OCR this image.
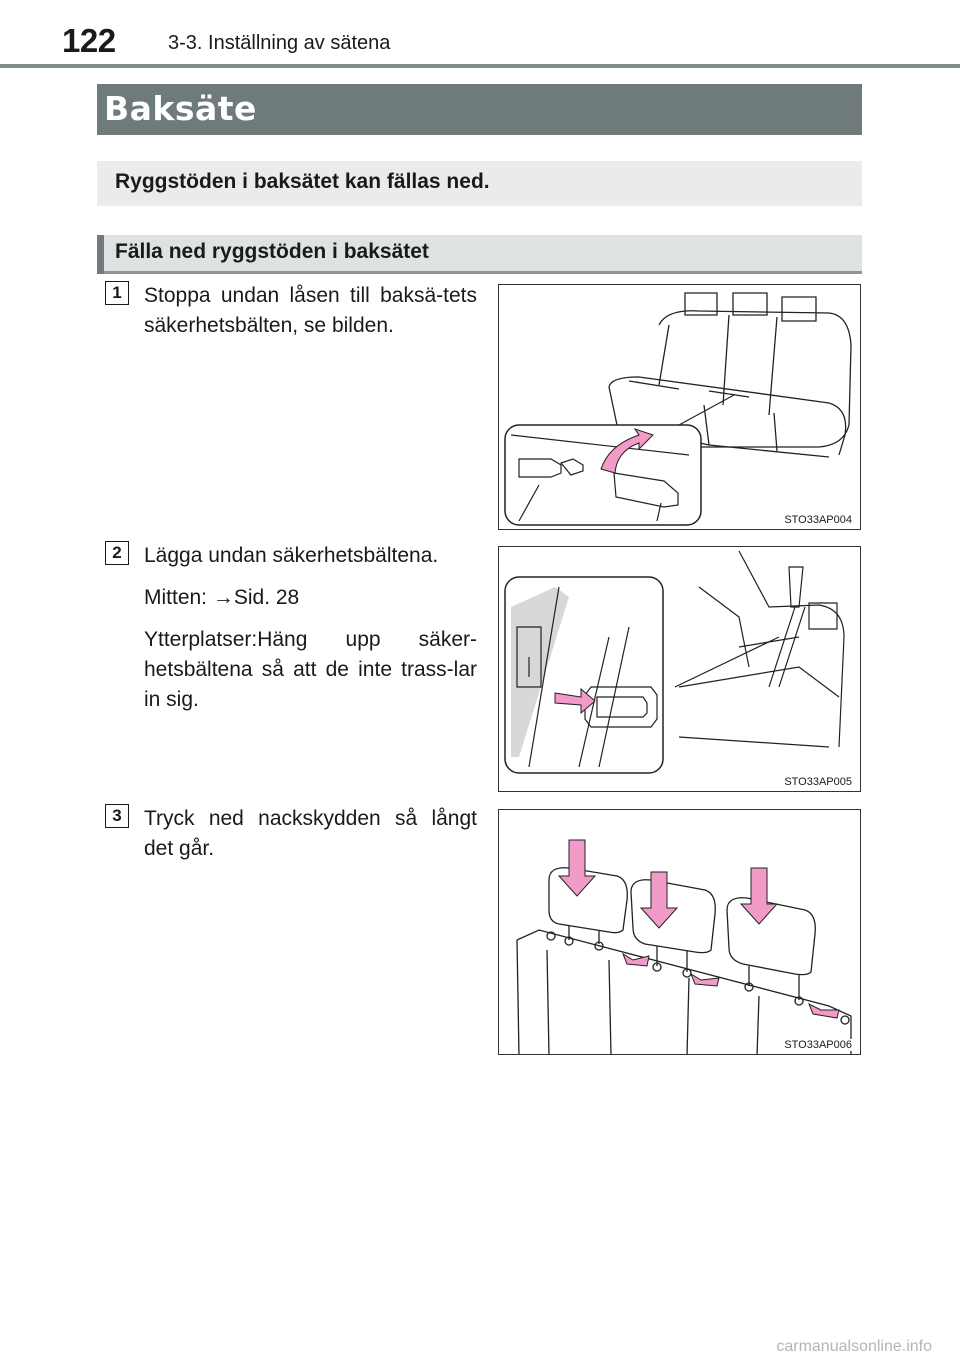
122	3-3. Inställning av sätena
Baksäte
Ryggstöden i baksätet kan fällas ned.
Fälla ned ryggstöden i baksätet
1	Stoppa undan låsen till baksä-tets säkerhetsbälten, se bilden.

STO33AP004
2	Lägga undan säkerhetsbältena.

Mitten: →Sid. 28

Ytterplatser:Häng upp säker-hetsbältena så att de inte trass-lar in sig.

STO33AP005
3	Tryck ned nackskydden så långt det går.

STO33AP006
carmanualsonline.info
